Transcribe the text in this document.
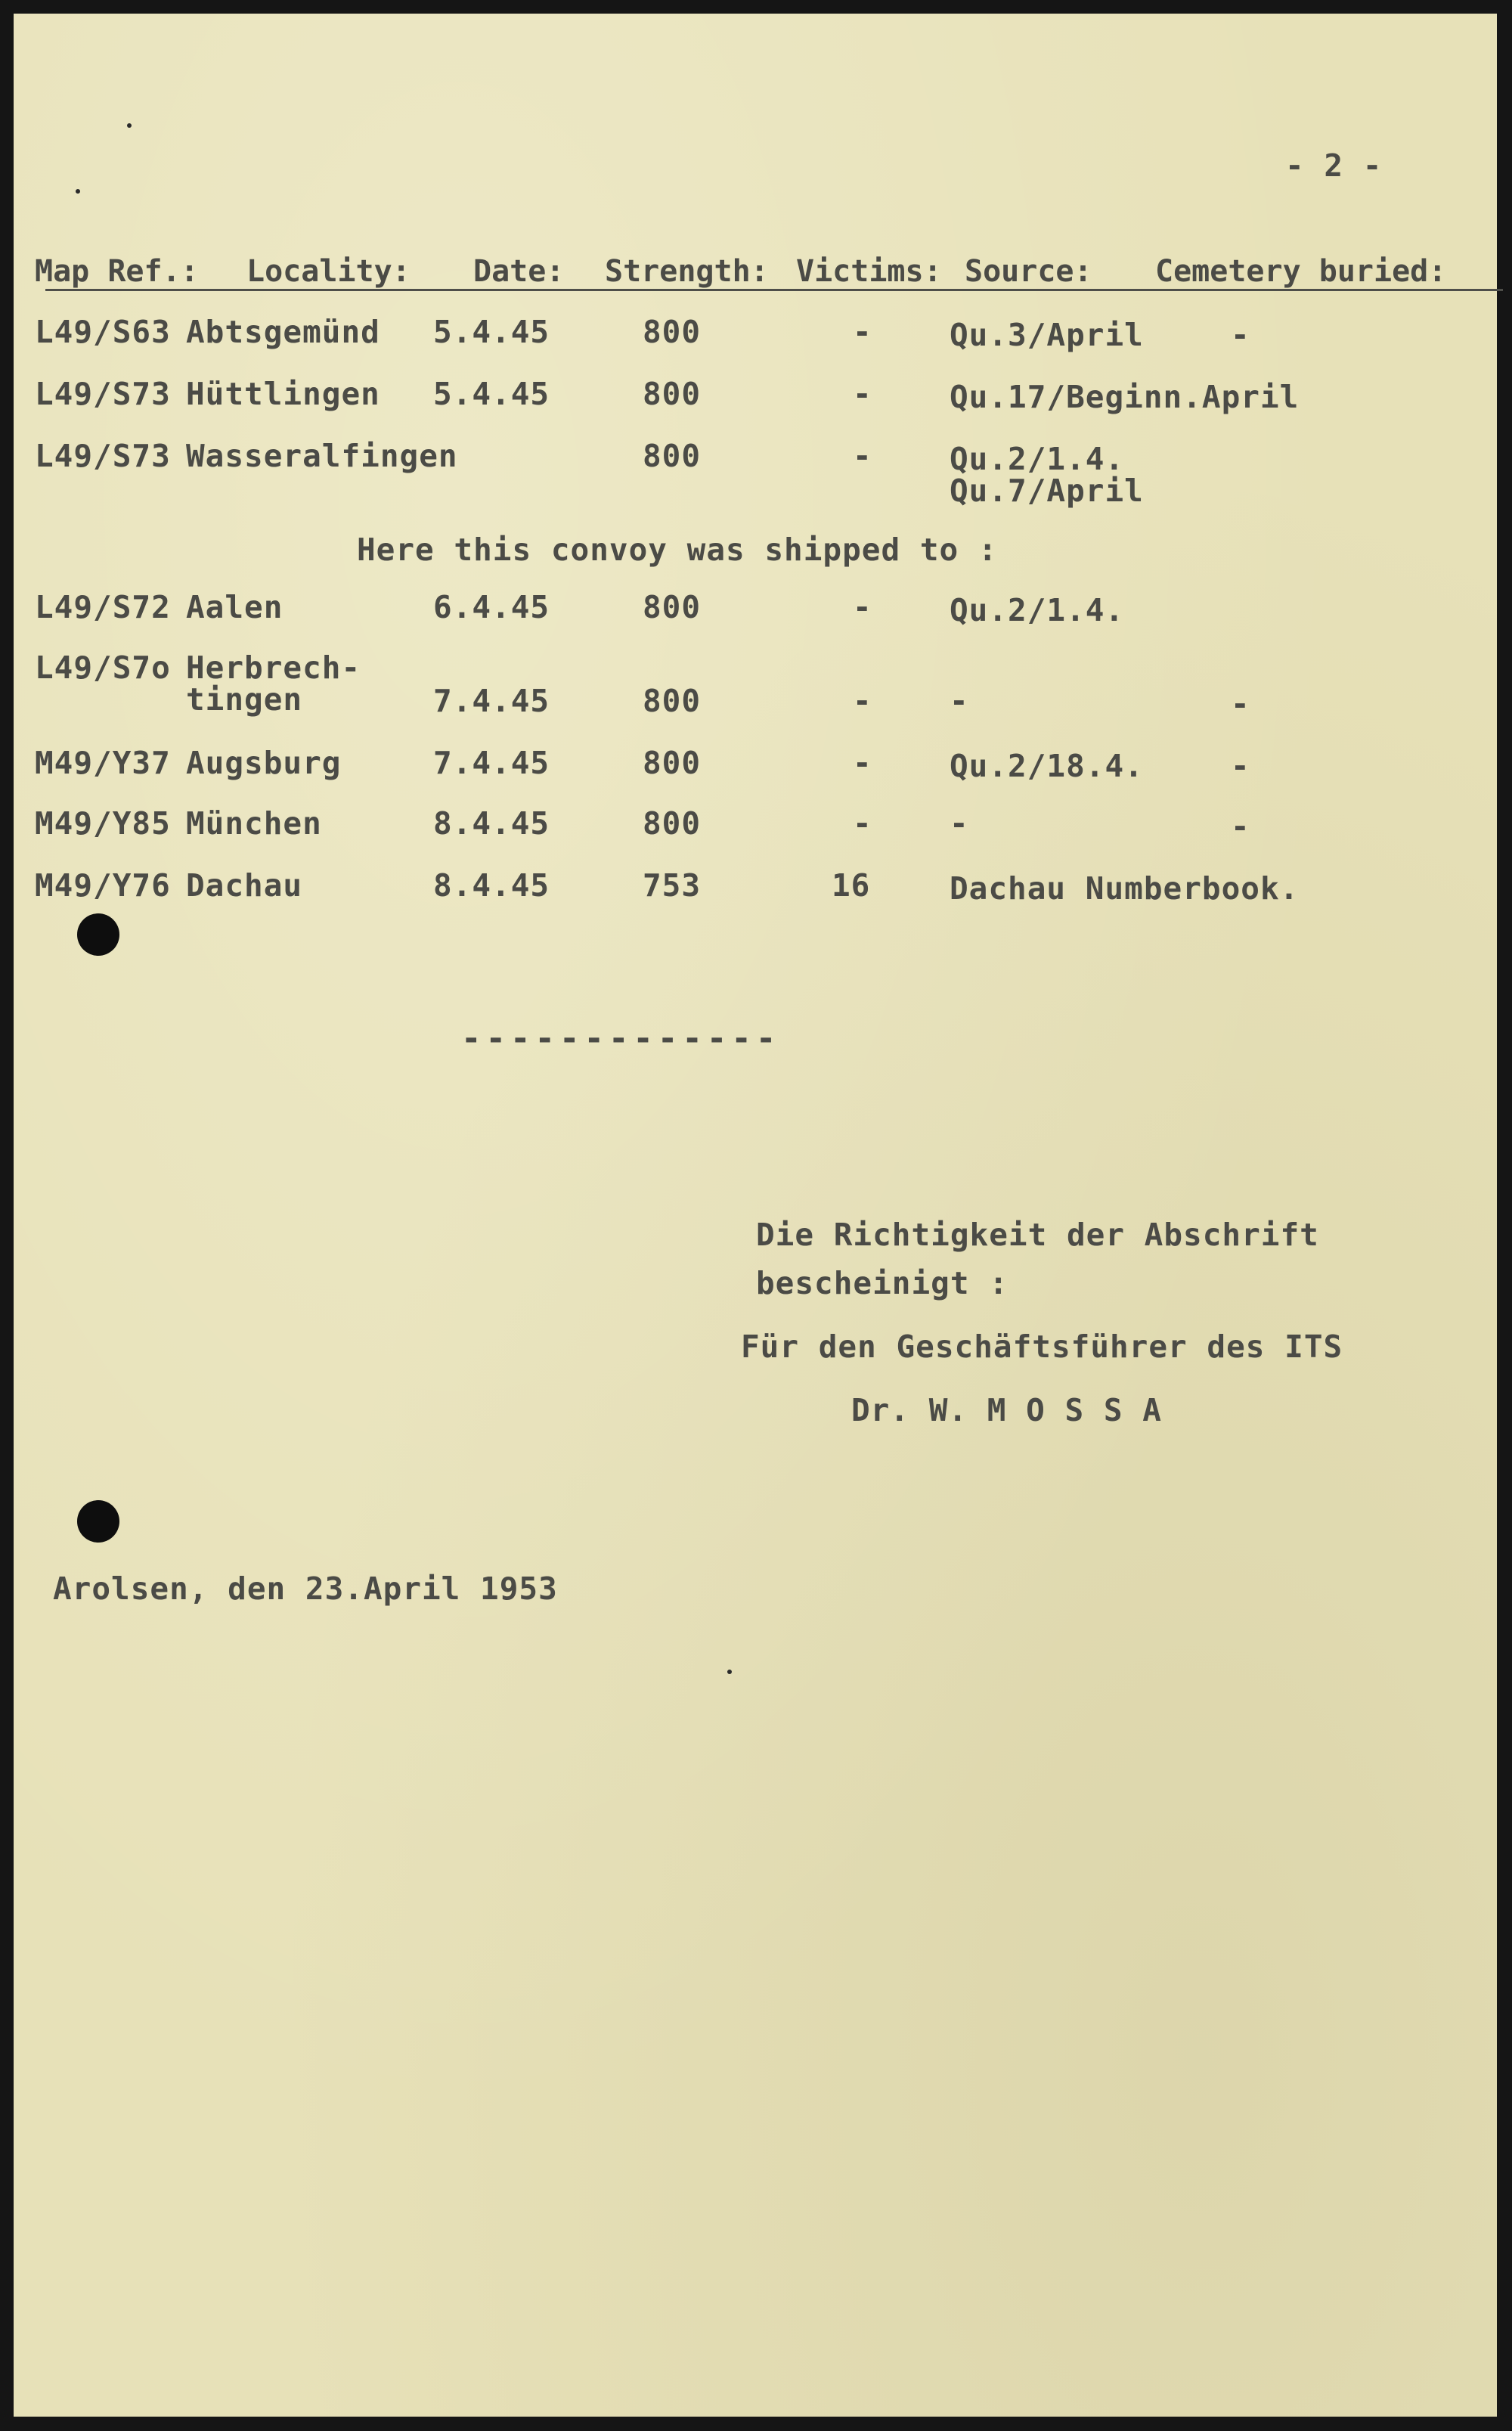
- 2 -
Map Ref.: Locality: Date: Strength: Victims: Source: Cemetery buried:
L49/S63 Abtsgemünd 5.4.45	800	- Qu.3/April	-
L49/S73 Hüttlingen 5.4.45	800	- Qu.17/Beginn.April
L49/S73 Wasseralfingen	800	- Qu.2/1.4.
Qu.7/April
Here this convoy was shipped to :
L49/S72 Aalen	6.4.45	800	- Qu.2/1.4.
L49/S7o Herbrech-
tingen	7.4.45	800	- -	-
M49/Y37 Augsburg	7.4.45	800	- Qu.2/18.4.	-
M49/Y85 München	8.4.45	800	- -	-
M49/Y76 Dachau	8.4.45	753	16	Dachau Numberbook.
-------------
Die Richtigkeit der Abschrift
bescheinigt :
Für den Geschäftsführer des ITS
Dr. W. M O S S A
Arolsen, den 23.April 1953
